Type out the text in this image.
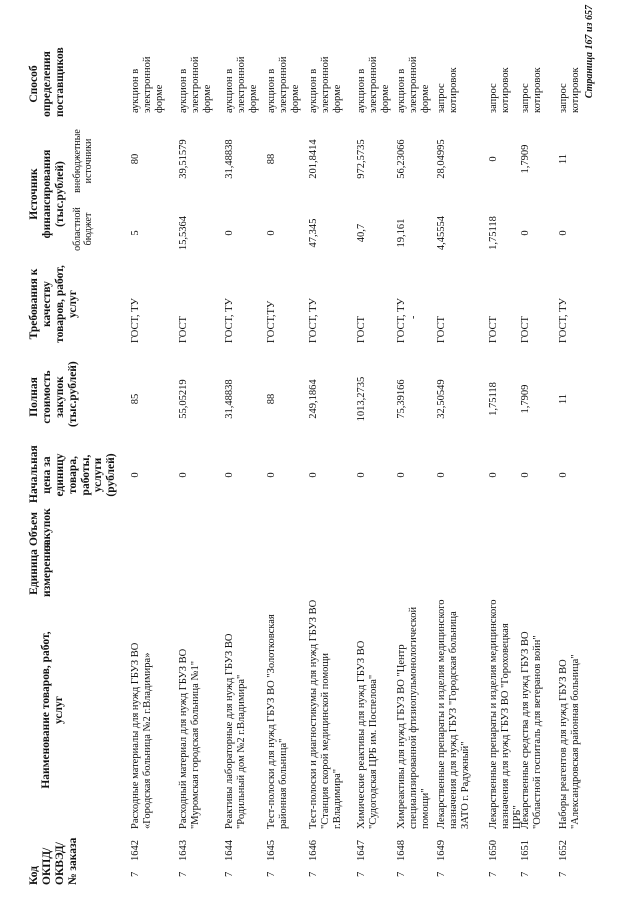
Код ОКПД/ ОКВЭД/ № заказа
Наименование товаров, работ, услуг
Единица измерения
Объем закупок
Начальная цена за единицу товара, работы, услуги (рублей)
Полная стоимость закупок (тыс.рублей)
Требования к качеству товаров, работ, услуг
Источник финансирования (тыс.рублей)
областной бюджет
внебюджетные источники
Способ определения поставщиков
7
1642
Расходные материалы для нужд ГБУЗ ВО «Городская больница №2 г.Владимира»
0
85
ГОСТ, ТУ
5
80
аукцион в электронной форме
7
1643
Расходный материал для нужд ГБУЗ ВО "Муромская городская больница №1"
0
55,05219
ГОСТ
15,5364
39,51579
аукцион в электронной форме
7
1644
Реактивы лабораторные для нужд ГБУЗ ВО "Родильный дом №2 г.Владимира"
0
31,48838
ГОСТ, ТУ
0
31,48838
аукцион в электронной форме
7
1645
Тест-полоски для нужд ГБУЗ ВО "Золотковская районная больница"
0
88
ГОСТ,ТУ
0
88
аукцион в электронной форме
7
1646
Тест-полоски и диагностикумы для нужд ГБУЗ ВО "Станция скорой медицинской помощи г.Владимира"
0
249,1864
ГОСТ, ТУ
47,345
201,8414
аукцион в электронной форме
7
1647
Химические реактивы для нужд ГБУЗ ВО "Судогодская ЦРБ им. Поспелова"
0
1013,2735
ГОСТ
40,7
972,5735
аукцион в электронной форме
7
1648
Химреактивы для нужд ГБУЗ ВО "Центр специализированной фтизиопульмонологической помощи"
0
75,39166
ГОСТ, ТУ
19,161
56,23066
аукцион в электронной форме
7
1649
Лекарственные препараты и изделия медицинского назначения для нужд ГБУЗ "Городская больница ЗАТО г. Радужный"
0
32,50549
ГОСТ
4,45554
28,04995
запрос котировок
7
1650
Лекарственные препараты и изделия медицинского назначения для нужд ГБУЗ ВО "Гороховецкая ЦРБ"
0
1,75118
ГОСТ
1,75118
0
запрос котировок
7
1651
Лекарственные средства для нужд ГБУЗ ВО "Областной госпиталь для ветеранов войн"
0
1,7909
ГОСТ
0
1,7909
запрос котировок
7
1652
Наборы реагентов для нужд ГБУЗ ВО "Александровская районная больница"
0
11
ГОСТ, ТУ
0
11
запрос котировок
-
Страница 167 из 657
